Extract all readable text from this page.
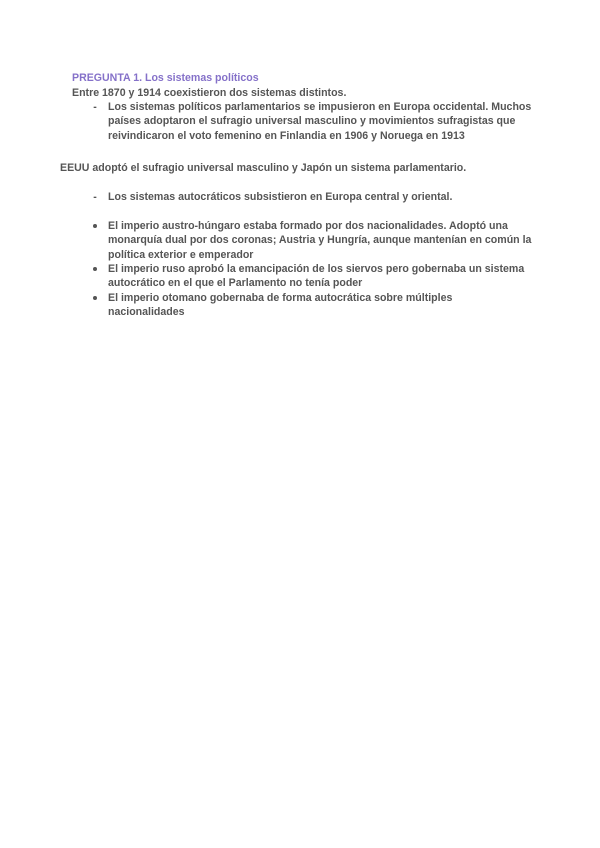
PREGUNTA 1. Los sistemas políticos
Entre 1870 y 1914 coexistieron dos sistemas distintos.
-	Los sistemas políticos parlamentarios se impusieron en Europa occidental. Muchos países adoptaron el sufragio universal masculino y movimientos sufragistas que reivindicaron el voto femenino en Finlandia en 1906 y Noruega en 1913
EEUU adoptó el sufragio universal masculino y Japón un sistema parlamentario.
-	Los sistemas autocráticos subsistieron en Europa central y oriental.
El imperio austro-húngaro estaba formado por dos nacionalidades. Adoptó una monarquía dual por dos coronas; Austria y Hungría, aunque mantenían en común la política exterior e emperador
El imperio ruso aprobó la emancipación de los siervos pero gobernaba un sistema autocrático en el que el Parlamento no tenía poder
El imperio otomano gobernaba de forma autocrática sobre múltiples nacionalidades
